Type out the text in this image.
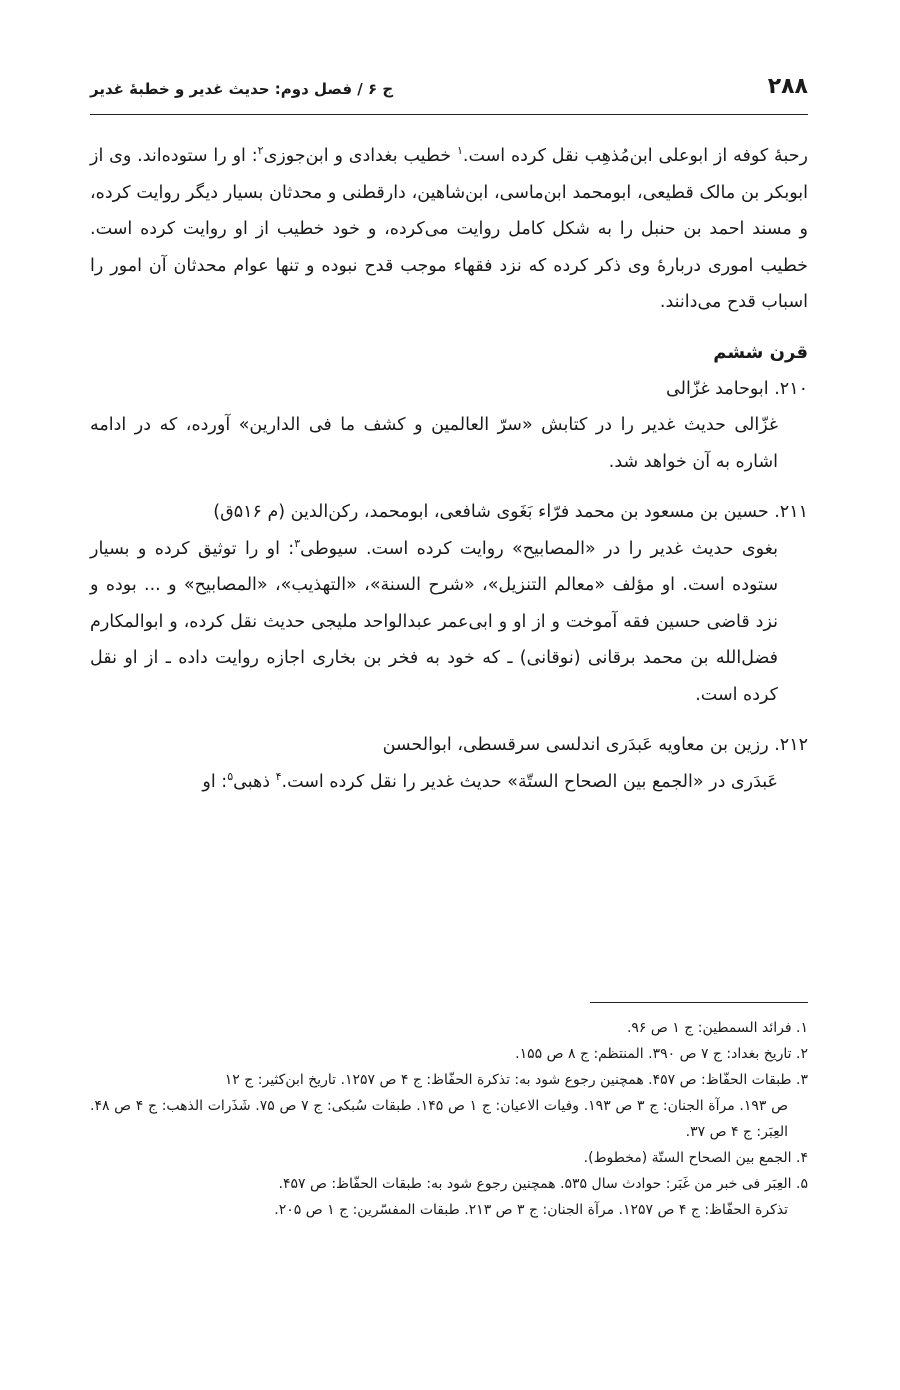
۲۸۸
ج ۶ / فصل دوم: حدیث غدیر و خطبهٔ غدیر

رحبهٔ کوفه از ابوعلی ابن‌مُذهِب نقل کرده است.$^۱$ خطیب بغدادی و ابن‌جوزی$^۲$: او را ستوده‌اند. وی از ابوبکر بن مالک قطیعی، ابومحمد ابن‌ماسی، ابن‌شاهین، دارقطنی و محدثان بسیار دیگر روایت کرده، و مسند احمد بن حنبل را به شکل کامل روایت می‌کرده، و خود خطیب از او روایت کرده است. خطیب اموری دربارهٔ وی ذکر کرده که نزد فقهاء موجب قدح نبوده و تنها عوام محدثان آن امور را اسباب قدح می‌دانند.

قرن ششم
۲۱۰. ابوحامد غزّالی

غزّالی حدیث غدیر را در کتابش «سرّ العالمین و کشف ما فی الدارین» آورده، که در ادامه اشاره به آن خواهد شد.

۲۱۱. حسین بن مسعود بن محمد فرّاء بَغَوی شافعی، ابومحمد، رکن‌الدین (م ۵۱۶ق)

بغوی حدیث غدیر را در «المصابیح» روایت کرده است. سیوطی$^۳$: او را توثیق کرده و بسیار ستوده است. او مؤلف «معالم التنزیل»، «شرح السنة»، «التهذیب»، «المصابیح» و ... بوده و نزد قاضی حسین فقه آموخت و از او و ابی‌عمر عبدالواحد ملیجی حدیث نقل کرده، و ابوالمکارم فضل‌الله بن محمد برقانی (نوقانی) ـ که خود به فخر بن بخاری اجازه روایت داده ـ از او نقل کرده است.

۲۱۲. رزین بن معاویه عَبدَری اندلسی سرقسطی، ابوالحسن

عَبدَری در «الجمع بین الصحاح الستّة» حدیث غدیر را نقل کرده است.$^۴$ ذهبی$^۵$: او

۱. فرائد السمطین: ج ۱ ص ۹۶.

۲. تاریخ بغداد: ج ۷ ص ۳۹۰. المنتظم: ج ۸ ص ۱۵۵.

۳. طبقات الحفّاظ: ص ۴۵۷. همچنین رجوع شود به: تذکرة الحفّاظ: ج ۴ ص ۱۲۵۷. تاریخ ابن‌کثیر: ج ۱۲
ص ۱۹۳. مرآة الجنان: ج ۳ ص ۱۹۳. وفیات الاعیان: ج ۱ ص ۱۴۵. طبقات سُبکی: ج ۷ ص ۷۵. شَذَرات الذهب: ج ۴ ص ۴۸. العِبَر: ج ۴ ص ۳۷.

۴. الجمع بین الصحاح الستّة (مخطوط).

۵. العِبَر فی خبر من غَبَر: حوادث سال ۵۳۵. همچنین رجوع شود به: طبقات الحفّاظ: ص ۴۵۷.
تذکرة الحفّاظ: ج ۴ ص ۱۲۵۷. مرآة الجنان: ج ۳ ص ۲۱۳. طبقات المفسّرین: ج ۱ ص ۲۰۵.
